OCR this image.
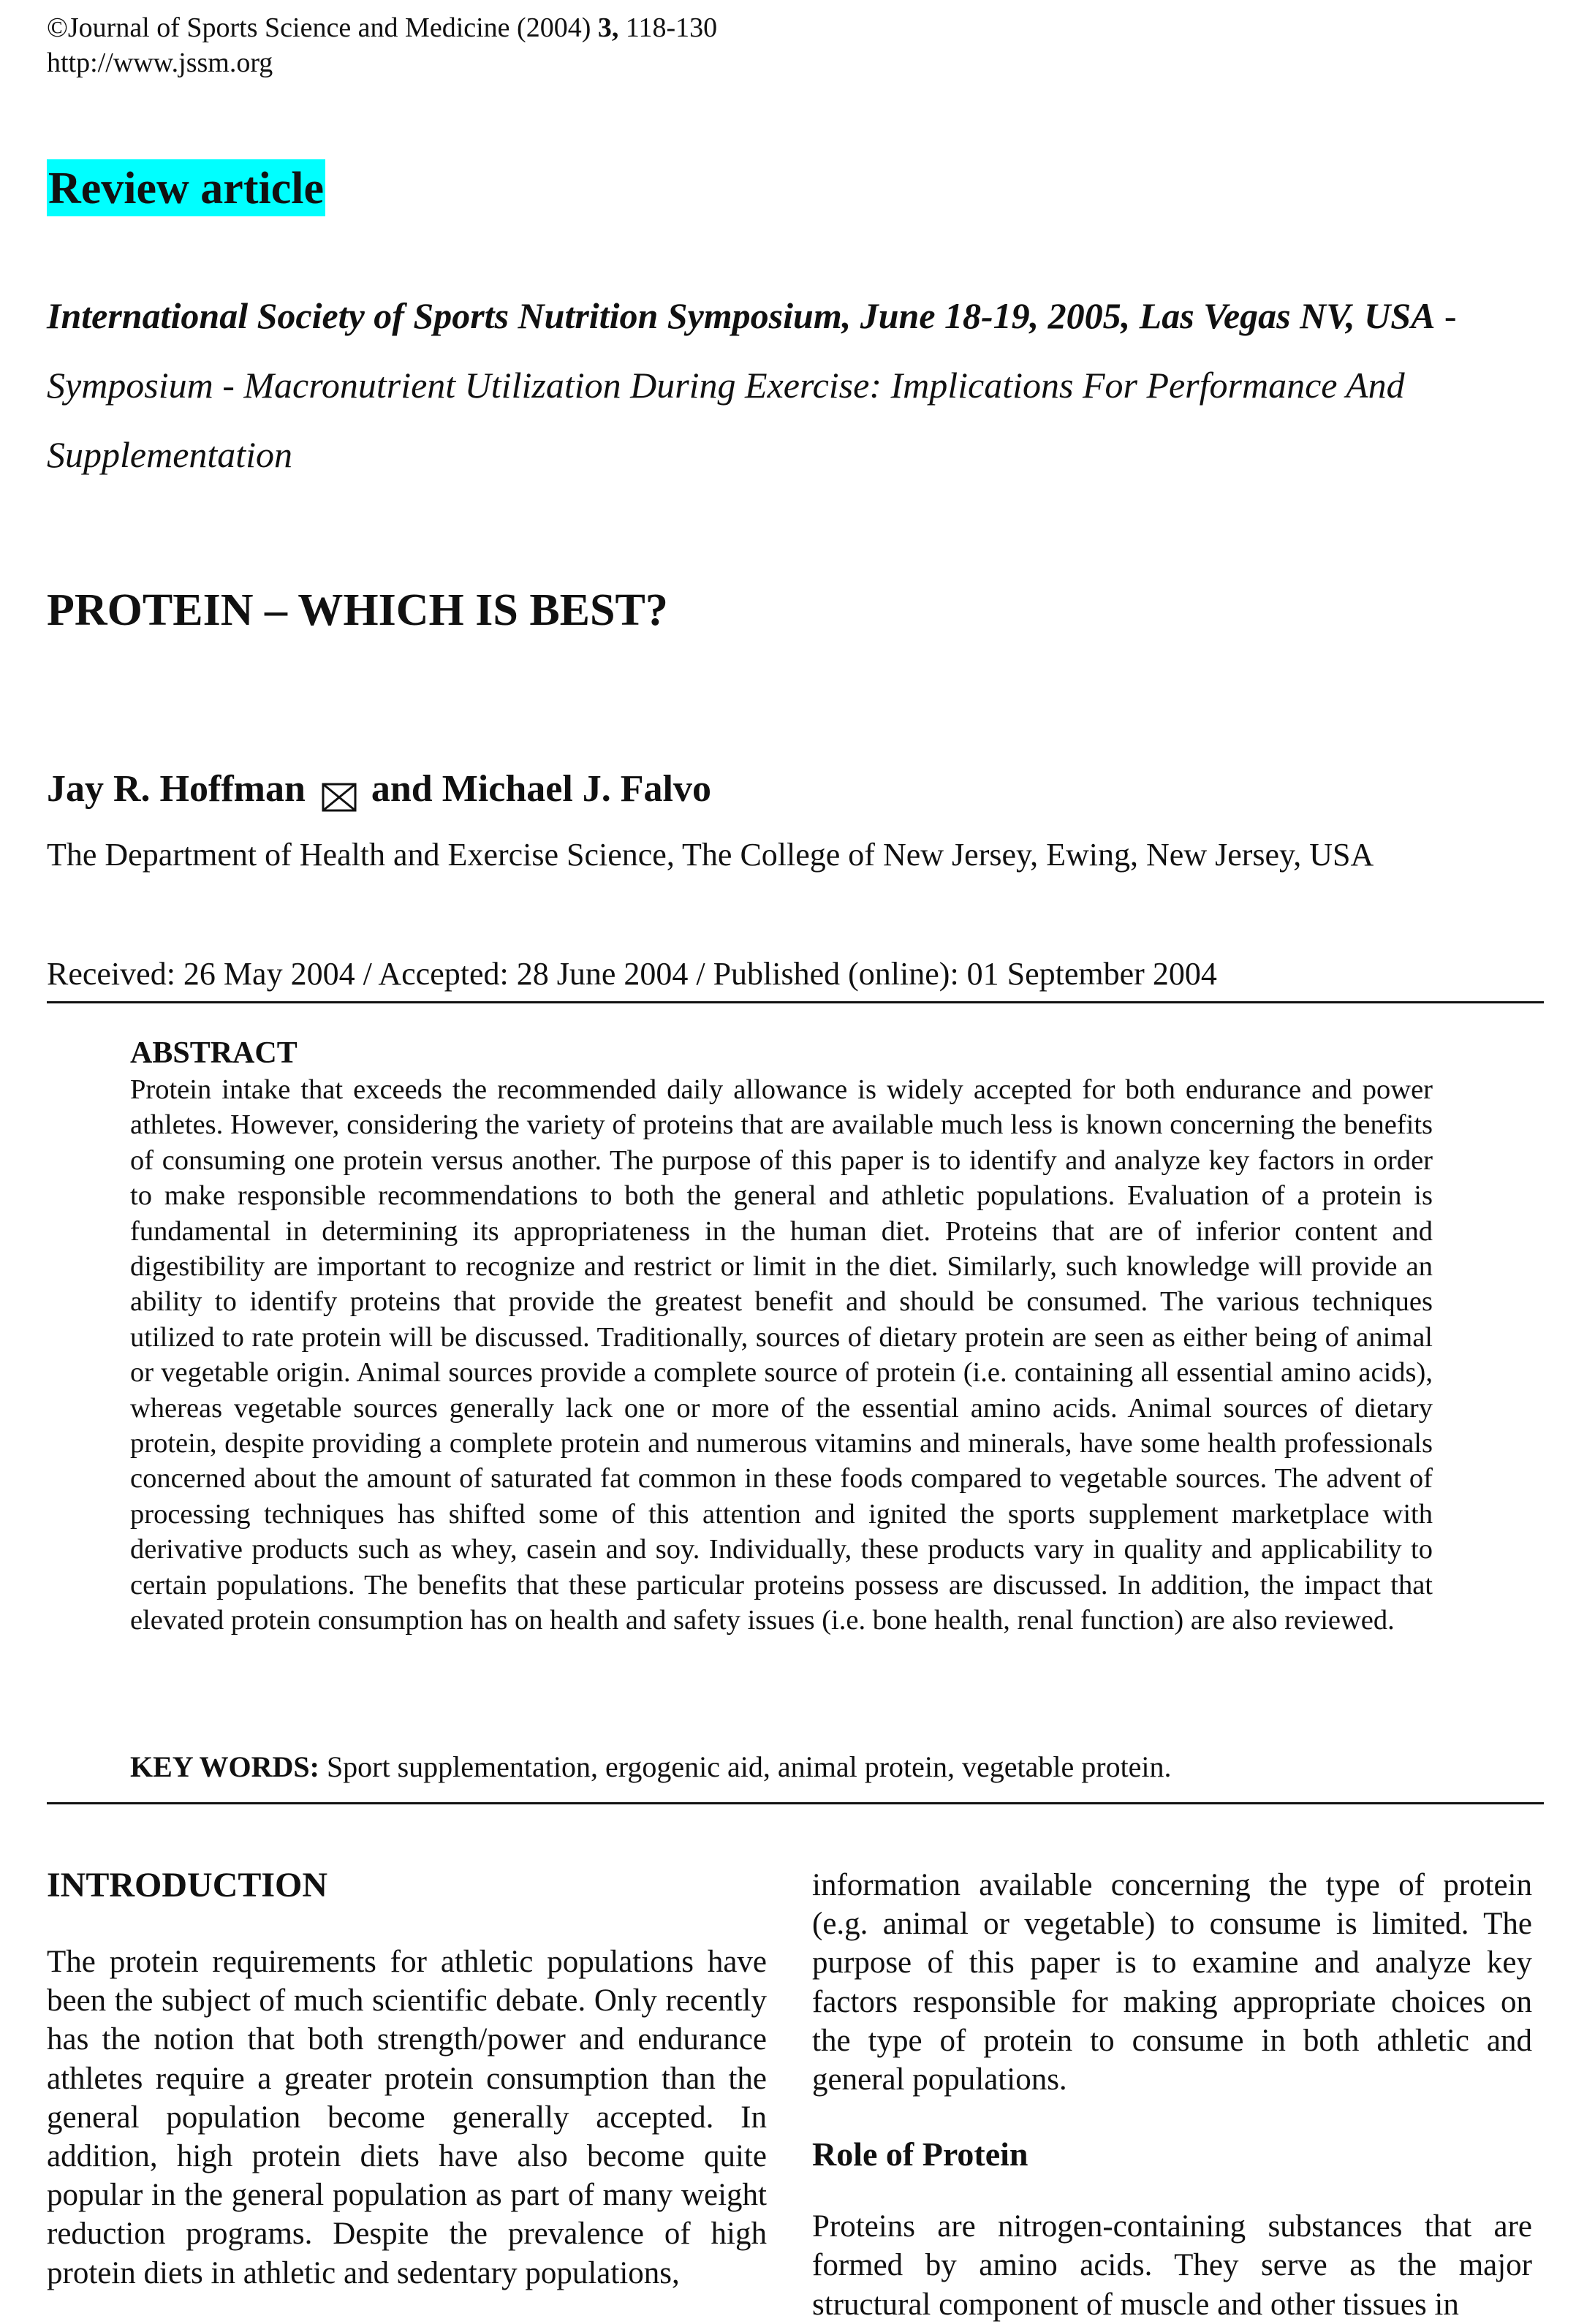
©Journal of Sports Science and Medicine (2004) 3, 118-130
http://www.jssm.org
Review article
International Society of Sports Nutrition Symposium, June 18-19, 2005, Las Vegas NV, USA - Symposium - Macronutrient Utilization During Exercise: Implications For Performance And Supplementation
PROTEIN – WHICH IS BEST?
Jay R. Hoffman and Michael J. Falvo
The Department of Health and Exercise Science, The College of New Jersey, Ewing, New Jersey, USA
Received: 26 May 2004 / Accepted: 28 June 2004 / Published (online): 01 September 2004
ABSTRACT

Protein intake that exceeds the recommended daily allowance is widely accepted for both endurance and power athletes. However, considering the variety of proteins that are available much less is known concerning the benefits of consuming one protein versus another. The purpose of this paper is to identify and analyze key factors in order to make responsible recommendations to both the general and athletic populations. Evaluation of a protein is fundamental in determining its appropriateness in the human diet. Proteins that are of inferior content and digestibility are important to recognize and restrict or limit in the diet. Similarly, such knowledge will provide an ability to identify proteins that provide the greatest benefit and should be consumed. The various techniques utilized to rate protein will be discussed. Traditionally, sources of dietary protein are seen as either being of animal or vegetable origin. Animal sources provide a complete source of protein (i.e. containing all essential amino acids), whereas vegetable sources generally lack one or more of the essential amino acids. Animal sources of dietary protein, despite providing a complete protein and numerous vitamins and minerals, have some health professionals concerned about the amount of saturated fat common in these foods compared to vegetable sources. The advent of processing techniques has shifted some of this attention and ignited the sports supplement marketplace with derivative products such as whey, casein and soy. Individually, these products vary in quality and applicability to certain populations. The benefits that these particular proteins possess are discussed. In addition, the impact that elevated protein consumption has on health and safety issues (i.e. bone health, renal function) are also reviewed.

KEY WORDS: Sport supplementation, ergogenic aid, animal protein, vegetable protein.
INTRODUCTION

The protein requirements for athletic populations have been the subject of much scientific debate. Only recently has the notion that both strength/power and endurance athletes require a greater protein consumption than the general population become generally accepted. In addition, high protein diets have also become quite popular in the general population as part of many weight reduction programs. Despite the prevalence of high protein diets in athletic and sedentary populations,

information available concerning the type of protein (e.g. animal or vegetable) to consume is limited. The purpose of this paper is to examine and analyze key factors responsible for making appropriate choices on the type of protein to consume in both athletic and general populations.

Role of Protein

Proteins are nitrogen-containing substances that are formed by amino acids. They serve as the major structural component of muscle and other tissues in
